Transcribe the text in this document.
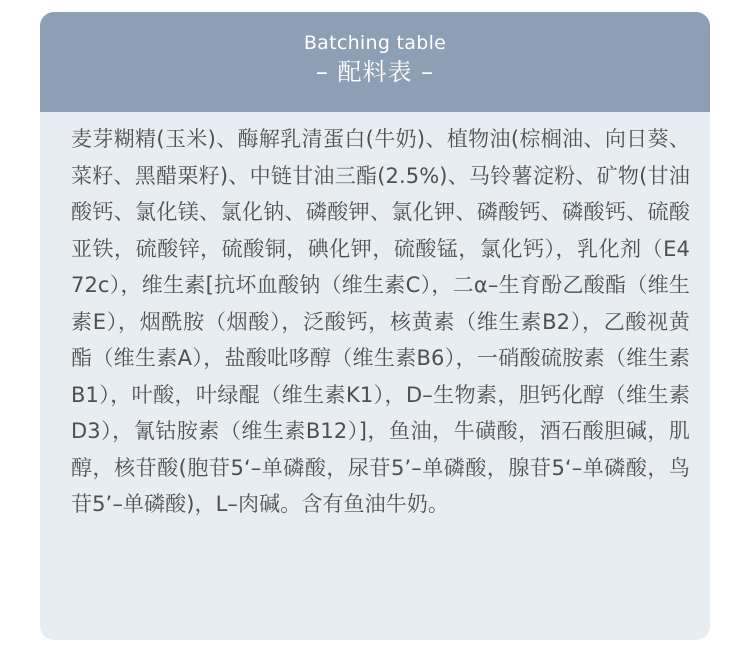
Batching table
– 配料表 –
麦芽糊精(玉米)、酶解乳清蛋白(牛奶)、植物油(棕榈油、向日葵、菜籽、黑醋栗籽)、中链甘油三酯(2.5%)、马铃薯淀粉、矿物(甘油酸钙、氯化镁、氯化钠、磷酸钾、氯化钾、磷酸钙、磷酸钙、硫酸亚铁，硫酸锌，硫酸铜，碘化钾，硫酸锰，氯化钙），乳化剂（E472c），维生素[抗坏血酸钠（维生素C），二α–生育酚乙酸酯（维生素E），烟酰胺（烟酸），泛酸钙，核黄素（维生素B2），乙酸视黄酯（维生素A），盐酸吡哆醇（维生素B6），一硝酸硫胺素（维生素B1），叶酸，叶绿醌（维生素K1），D–生物素，胆钙化醇（维生素D3），氰钴胺素（维生素B12）]，鱼油，牛磺酸，酒石酸胆碱，肌醇，核苷酸(胞苷5‘–单磷酸，尿苷5’–单磷酸，腺苷5‘–单磷酸，鸟苷5’–单磷酸)，L–肉碱。含有鱼油牛奶。
